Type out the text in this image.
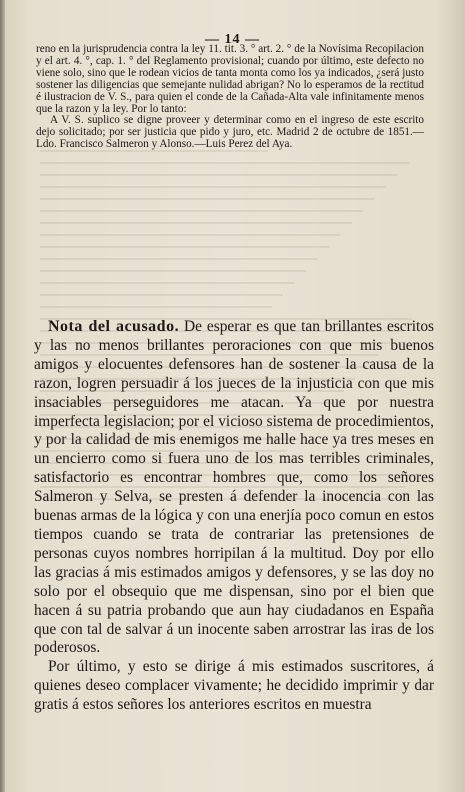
— 14 —

reno en la jurisprudencia contra la ley 11. tit. 3. ° art. 2. ° de la Novísima Recopilacion y el art. 4. °, cap. 1. ° del Reglamento provisional; cuando por último, este defecto no viene solo, sino que le rodean vicios de tanta monta como los ya indicados, ¿será justo sostener las diligencias que semejante nulidad abrigan? No lo esperamos de la rectitud é ilustracion de V. S., para quien el conde de la Cañada-Alta vale infinitamente menos que la razon y la ley. Por lo tanto:

A V. S. suplico se digne proveer y determinar como en el ingreso de este escrito dejo solicitado; por ser justicia que pido y juro, etc. Madrid 2 de octubre de 1851.—Ldo. Francisco Salmeron y Alonso.—Luis Perez del Aya.

Nota del acusado. De esperar es que tan brillantes escritos y las no menos brillantes peroraciones con que mis buenos amigos y elocuentes defensores han de sostener la causa de la razon, logren persuadir á los jueces de la injusticia con que mis insaciables perseguidores me atacan. Ya que por nuestra imperfecta legislacion; por el vicioso sistema de procedimientos, y por la calidad de mis enemigos me halle hace ya tres meses en un encierro como si fuera uno de los mas terribles criminales, satisfactorio es encontrar hombres que, como los señores Salmeron y Selva, se presten á defender la inocencia con las buenas armas de la lógica y con una enerjía poco comun en estos tiempos cuando se trata de contrariar las pretensiones de personas cuyos nombres horripilan á la multitud. Doy por ello las gracias á mis estimados amigos y defensores, y se las doy no solo por el obsequio que me dispensan, sino por el bien que hacen á su patria probando que aun hay ciudadanos en España que con tal de salvar á un inocente saben arrostrar las iras de los poderosos.

Por último, y esto se dirige á mis estimados suscritores, á quienes deseo complacer vivamente; he decidido imprimir y dar gratis á estos señores los anteriores escritos en muestra
